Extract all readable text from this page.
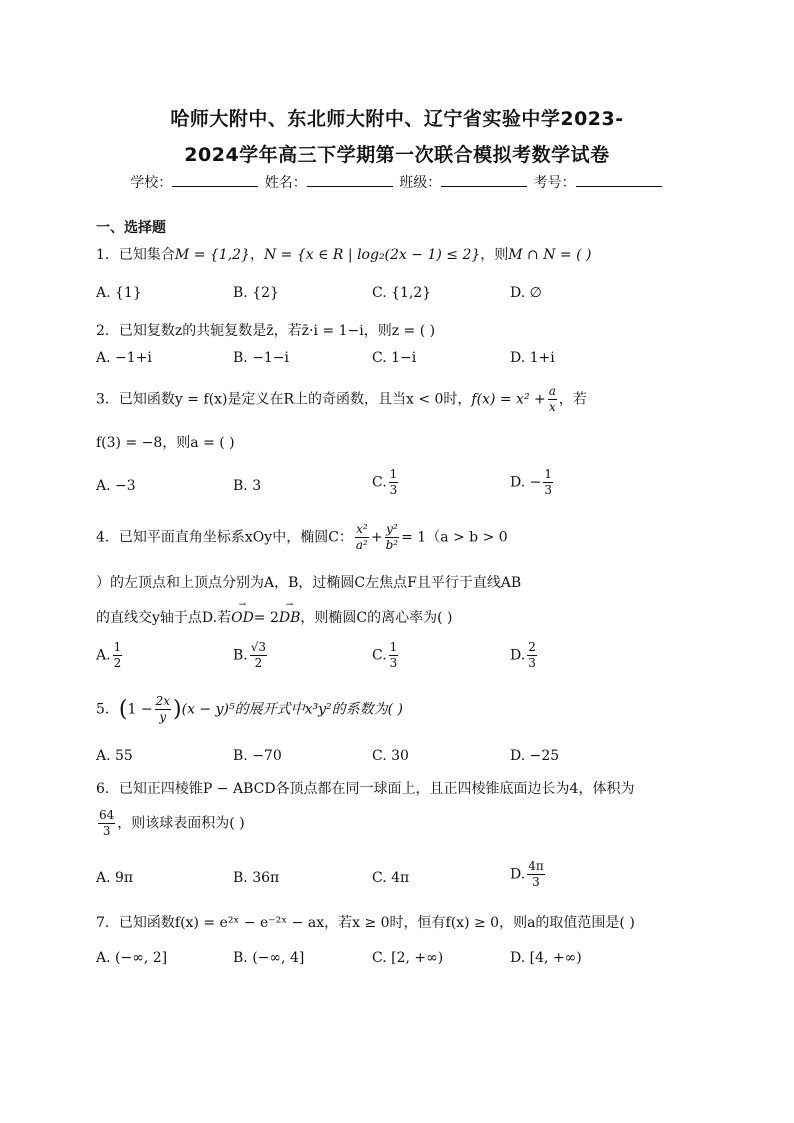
哈师大附中、东北师大附中、辽宁省实验中学2023-
2024学年高三下学期第一次联合模拟考数学试卷
学校：	姓名：	班级：	考号：
一、选择题
1．已知集合M = {1,2}，N = {x ∈ R | log₂(2x − 1) ≤ 2}，则M ∩ N = ( )
A. {1}	B. {2}	C. {1,2}	D. ∅
2．已知复数z的共轭复数是z̄，若z̄·i = 1−i，则z = ( )
A. −1+i	B. −1−i	C. 1−i	D. 1+i
3．已知函数y = f(x)是定义在R上的奇函数，且当x < 0时，$f(x) = x^2 + \frac{a}{x}$ ，若
f(3) = −8，则a = ( )
A. −3	B. 3	C. $\frac{1}{3}$	D. − $\frac{1}{3}$
4．已知平面直角坐标系xOy中，椭圆C： $\frac{\text{x²}}{\text{a²}} + \frac{\text{y²}}{\text{b²}} = 1(a > b > 0$
）的左顶点和上顶点分别为A，B，过椭圆C左焦点F且平行于直线AB
的直线交y轴于点D.若→ OD= 2→ DB，则椭圆C的离心率为( )
A. $\frac{1}{2}$	B. $\frac{√3}{2}$	C. $\frac{1}{3}$	D. $\frac{2}{3}$
5．$(1 - \frac{2x}{y} )(x - y)^5$的展开式中x³y²的系数为( )
A. 55	B. −70	C. 30	D. −25
6．已知正四棱锥P − ABCD各顶点都在同一球面上，且正四棱锥底面边长为4，体积为
$\frac{64}{3}$ ，则该球表面积为( )
A. 9π	B. 36π	C. 4π	D. $\frac{4\pi}{3}$
7．已知函数f(x) = e²ˣ − e⁻²ˣ − ax，若x ≥ 0时，恒有f(x) ≥ 0，则a的取值范围是( )
A. (−∞, 2]	B. (−∞, 4]	C. [2, +∞)	D. [4, +∞)
